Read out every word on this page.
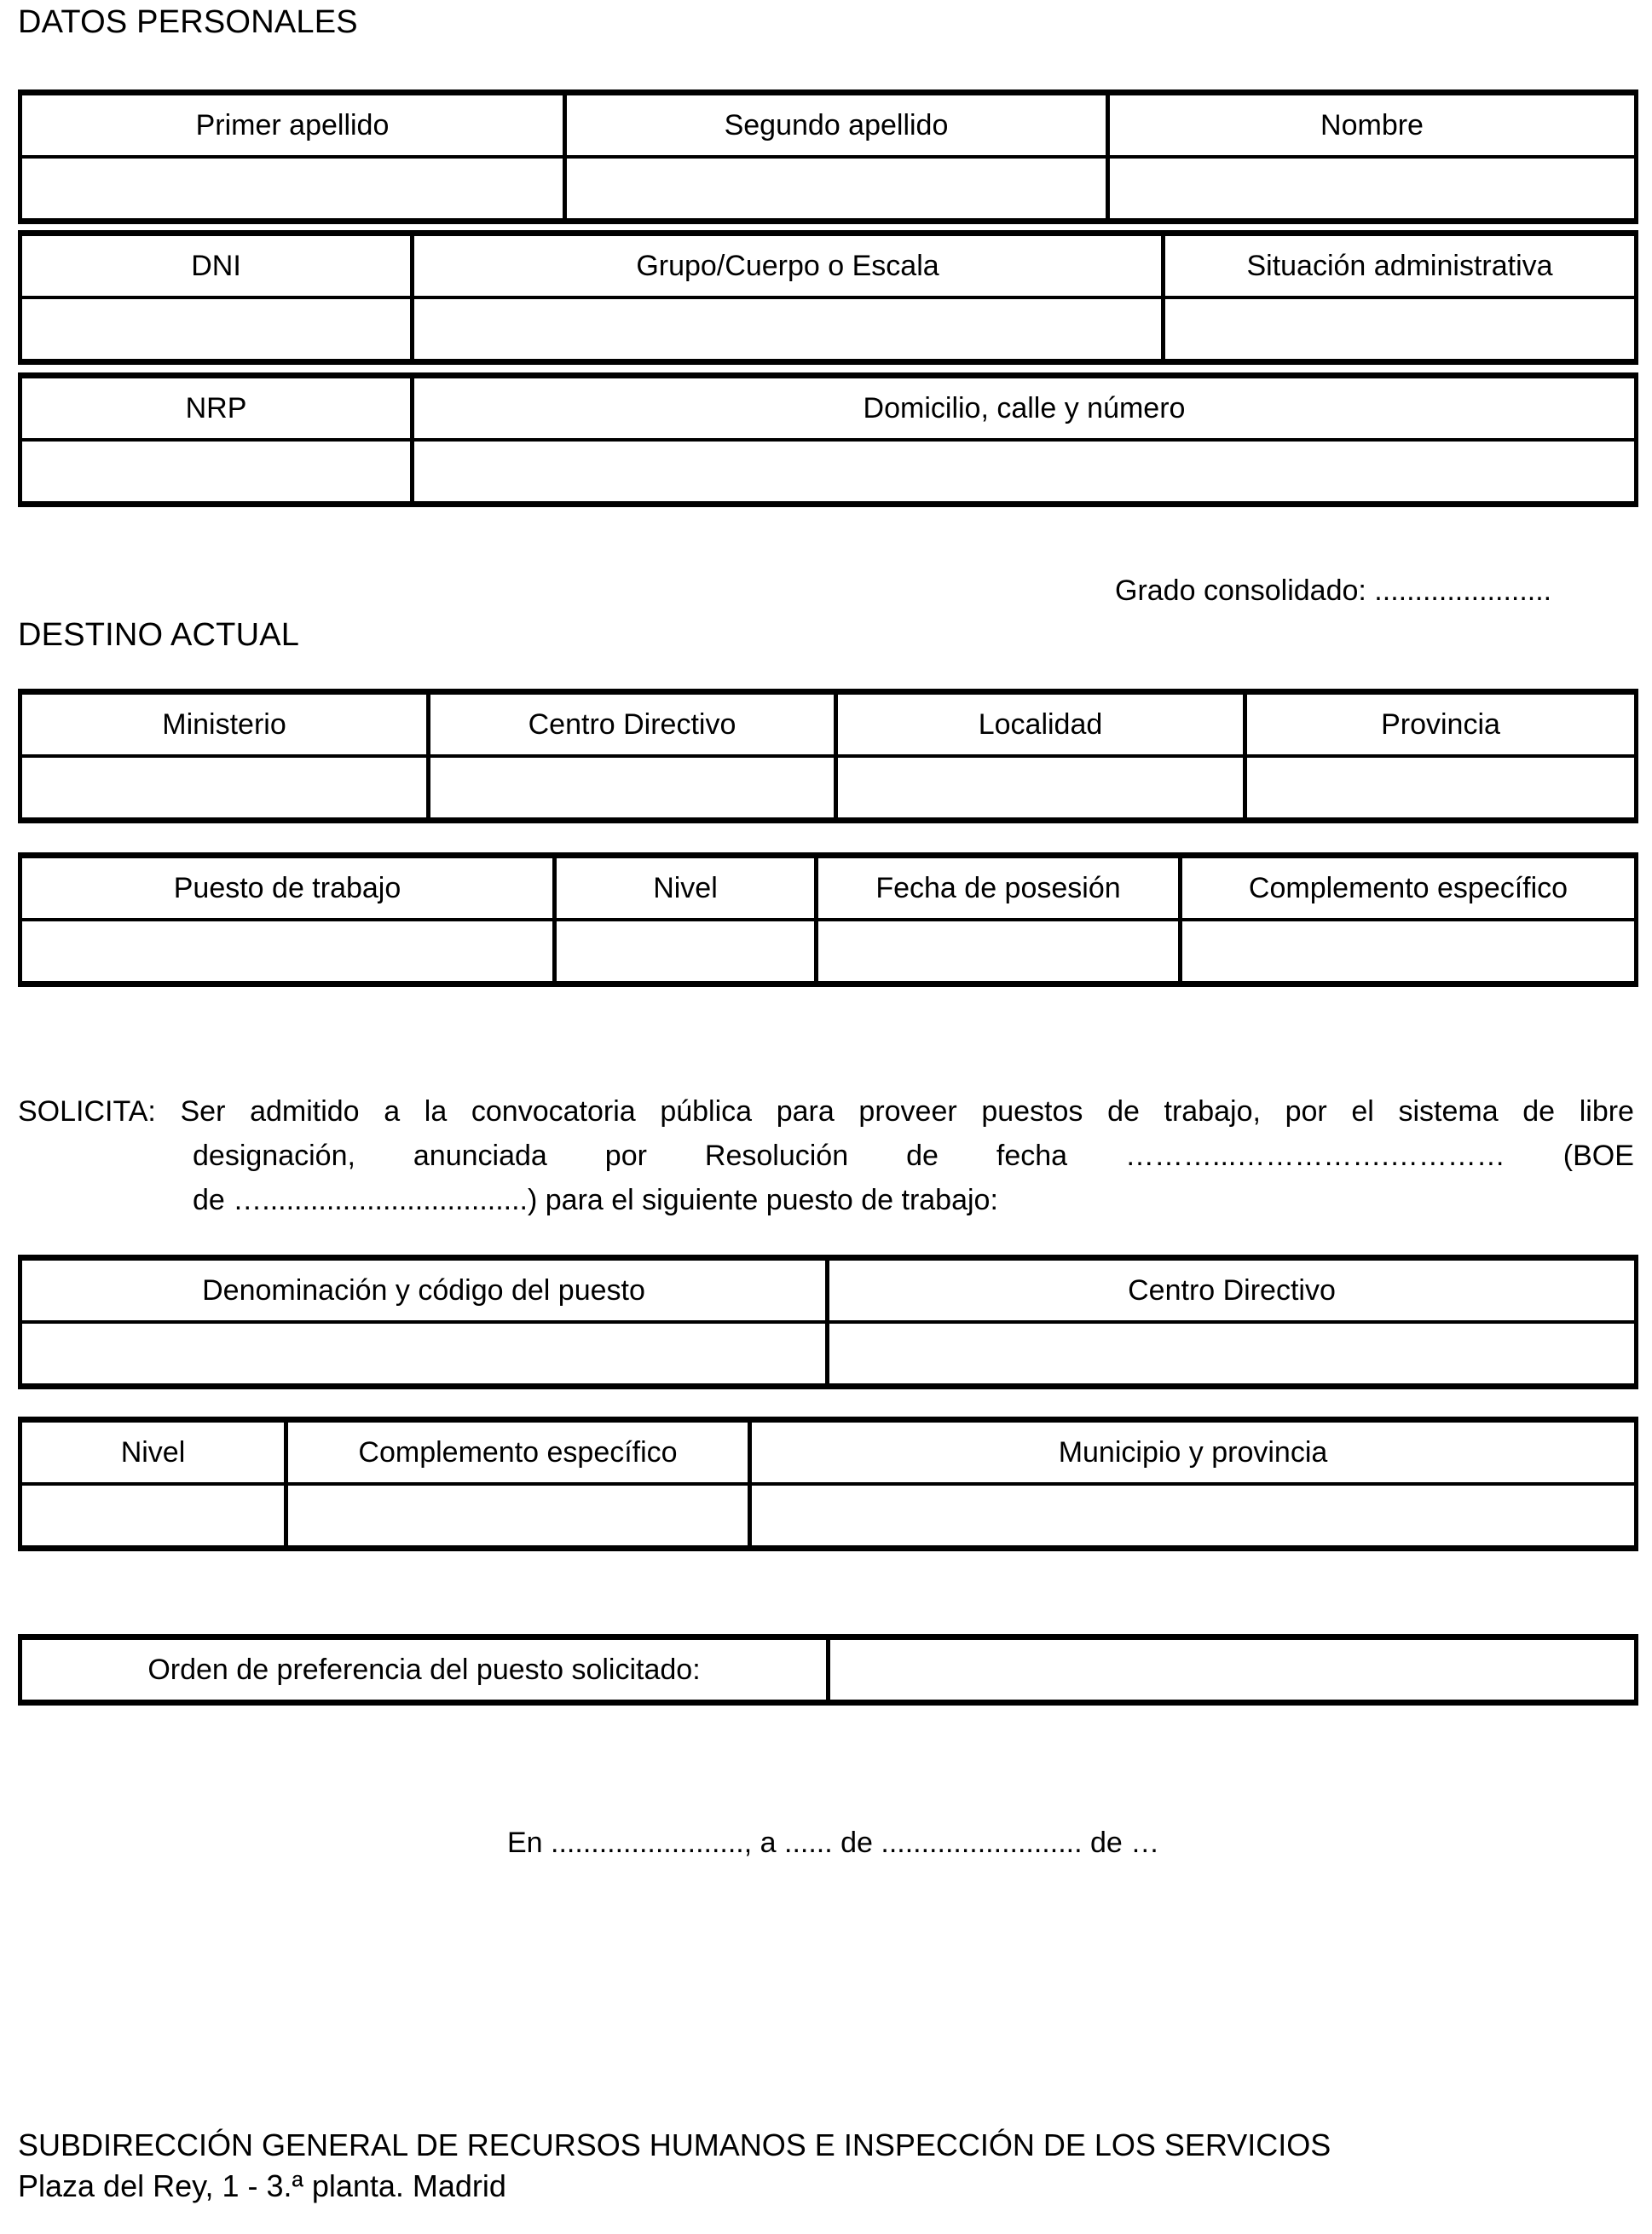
DATOS PERSONALES
Primer apellido	Segundo apellido	Nombre

DNI	Grupo/Cuerpo o Escala	Situación administrativa

NRP	Domicilio, calle y número

Grado consolidado: ......................
DESTINO ACTUAL
Ministerio	Centro Directivo	Localidad	Provincia

Puesto de trabajo	Nivel	Fecha de posesión	Complemento específico

SOLICITA: Ser admitido a la convocatoria pública para proveer puestos de trabajo, por el sistema de libre
designación, anunciada por Resolución de fecha ………...…………….………… (BOE
de ….................................) para el siguiente puesto de trabajo:
Denominación y código del puesto	Centro Directivo

Nivel	Complemento específico	Municipio y provincia

Orden de preferencia del puesto solicitado:	
En ........................, a ...... de ......................... de …
SUBDIRECCIÓN GENERAL DE RECURSOS HUMANOS E INSPECCIÓN DE LOS SERVICIOS
Plaza del Rey, 1 - 3.ª planta. Madrid
